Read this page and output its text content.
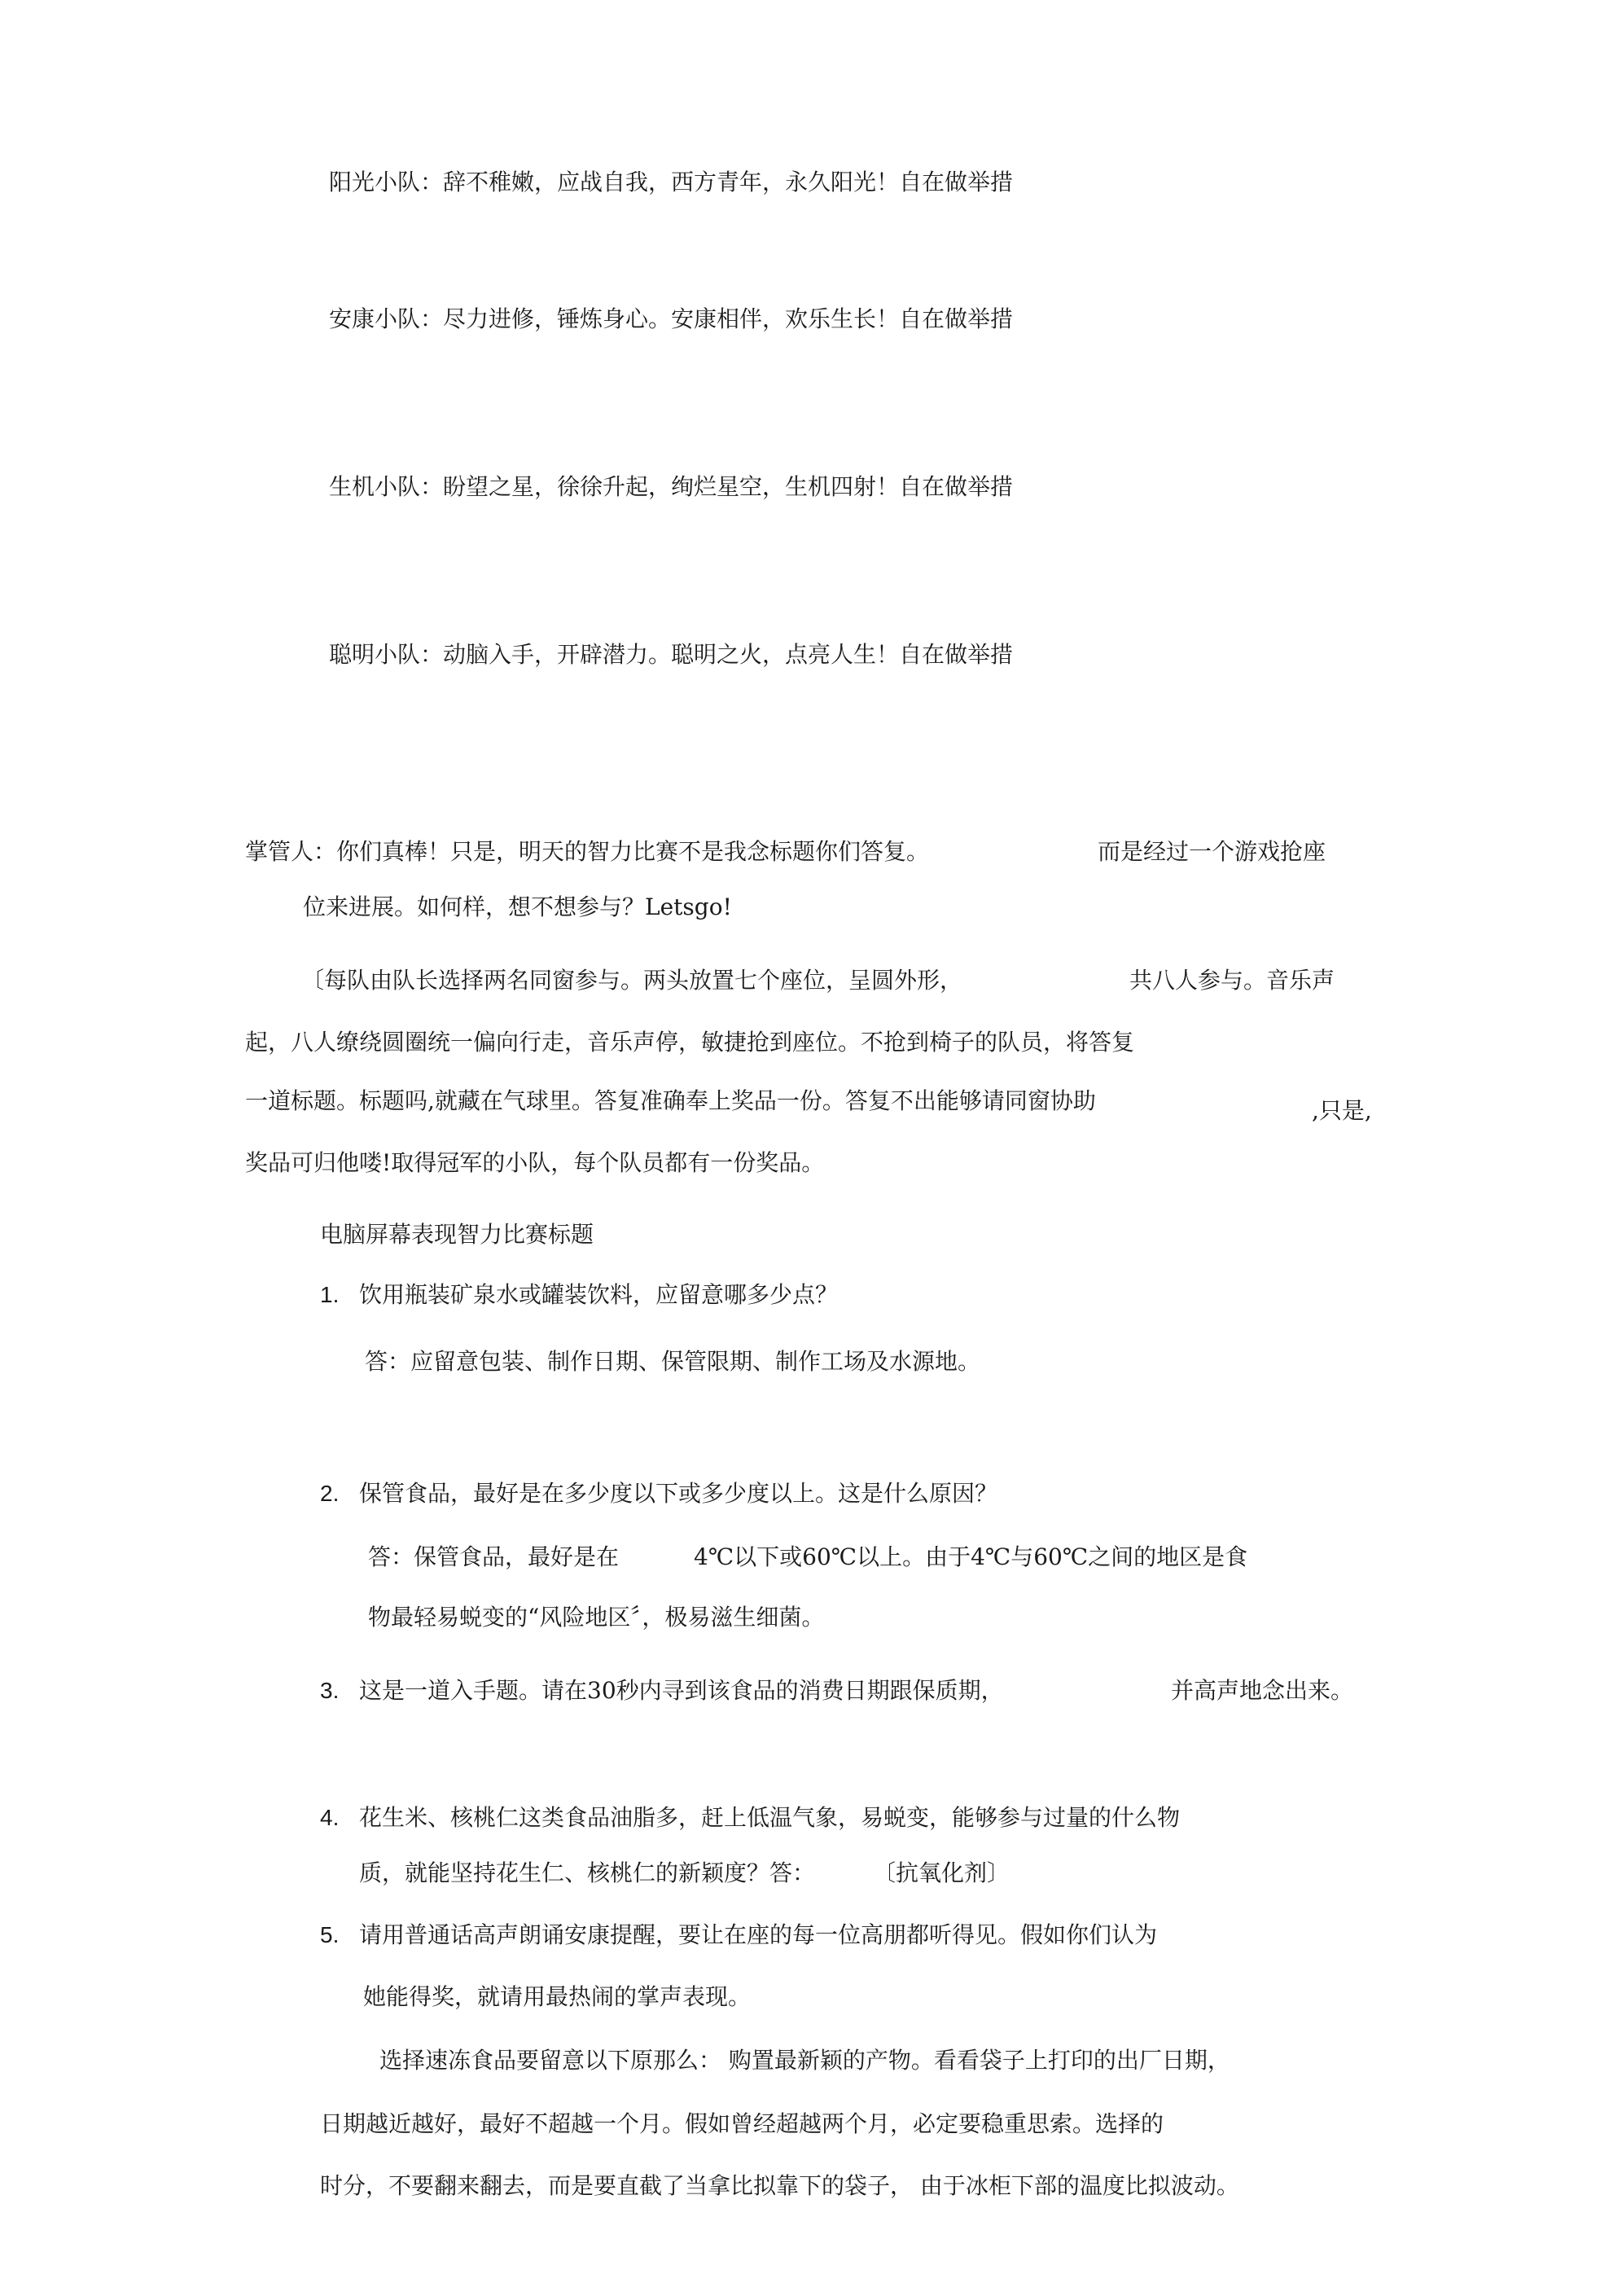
阳光小队：辞不稚嫩，应战自我，西方青年，永久阳光！自在做举措

安康小队：尽力进修，锤炼身心。安康相伴，欢乐生长！自在做举措

生机小队：盼望之星，徐徐升起，绚烂星空，生机四射！自在做举措

聪明小队：动脑入手，开辟潜力。聪明之火，点亮人生！自在做举措

掌管人：你们真棒！只是，明天的智力比赛不是我念标题你们答复。	而是经过一个游戏抢座

位来进展。如何样，想不想参与？Letsgo!

〔每队由队长选择两名同窗参与。两头放置七个座位，呈圆外形，	共八人参与。音乐声

起，八人缭绕圆圈统一偏向行走，音乐声停，敏捷抢到座位。不抢到椅子的队员，将答复

一道标题。标题吗,就藏在气球里。答复准确奉上奖品一份。答复不出能够请同窗协助	,只是,

奖品可归他喽!取得冠军的小队，每个队员都有一份奖品。

电脑屏幕表现智力比赛标题

1. 饮用瓶装矿泉水或罐装饮料，应留意哪多少点？

答：应留意包装、制作日期、保管限期、制作工场及水源地。

2. 保管食品，最好是在多少度以下或多少度以上。这是什么原因？

答：保管食品，最好是在	4℃以下或60℃以上。由于4℃与60℃之间的地区是食

物最轻易蜕变的“风险地区〞，极易滋生细菌。

3. 这是一道入手题。请在30秒内寻到该食品的消费日期跟保质期，	并高声地念出来。

4. 花生米、核桃仁这类食品油脂多，赶上低温气象，易蜕变，能够参与过量的什么物

质，就能坚持花生仁、核桃仁的新颖度？答：	〔抗氧化剂〕

5. 请用普通话高声朗诵安康提醒，要让在座的每一位高朋都听得见。假如你们认为

她能得奖，就请用最热闹的掌声表现。

选择速冻食品要留意以下原那么： 购置最新颖的产物。看看袋子上打印的出厂日期，

日期越近越好，最好不超越一个月。假如曾经超越两个月，必定要稳重思索。选择的

时分，不要翻来翻去，而是要直截了当拿比拟靠下的袋子， 由于冰柜下部的温度比拟波动。
